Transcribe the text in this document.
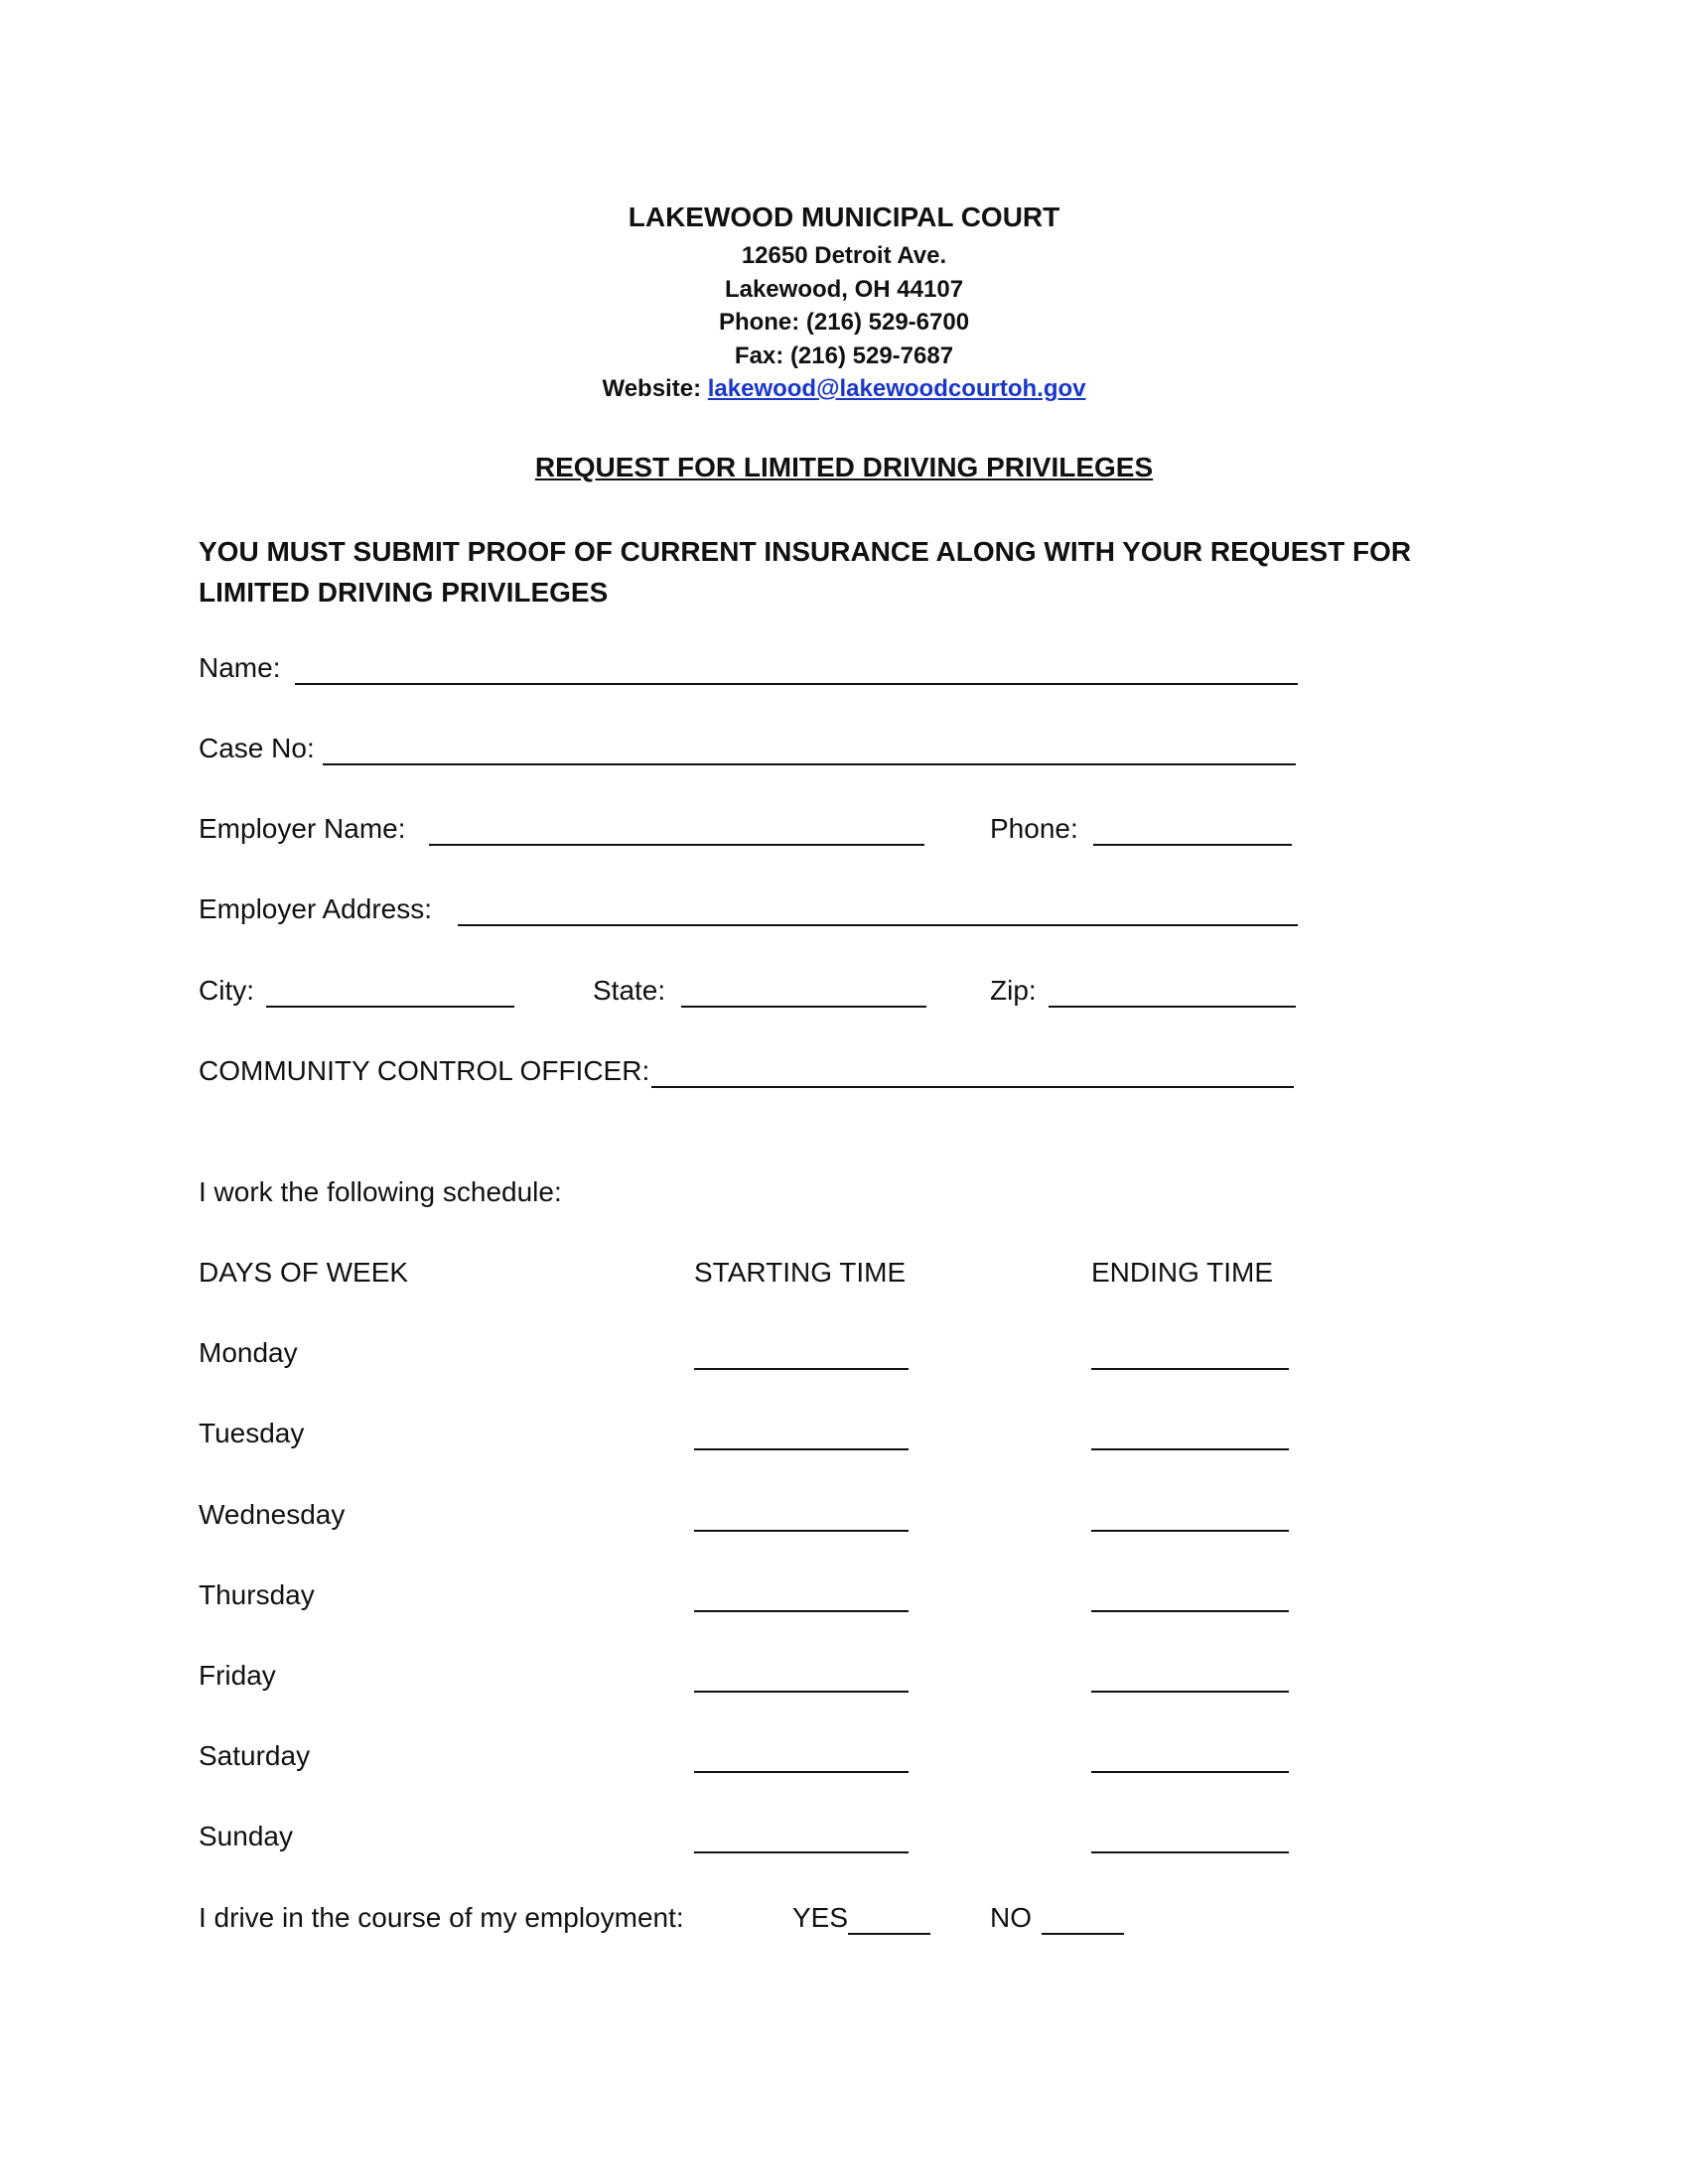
LAKEWOOD MUNICIPAL COURT
12650 Detroit Ave.
Lakewood, OH 44107
Phone: (216) 529-6700
Fax: (216) 529-7687
Website: lakewood@lakewoodcourtoh.gov
REQUEST FOR LIMITED DRIVING PRIVILEGES
YOU MUST SUBMIT PROOF OF CURRENT INSURANCE ALONG WITH YOUR REQUEST FOR LIMITED DRIVING PRIVILEGES
Name:
Case No:
Employer Name:	Phone:
Employer Address:
City:	State:	Zip:
COMMUNITY CONTROL OFFICER:
I work the following schedule:
DAYS OF WEEK	STARTING TIME	ENDING TIME
Monday
Tuesday
Wednesday
Thursday
Friday
Saturday
Sunday
I drive in the course of my employment:	YES	NO
